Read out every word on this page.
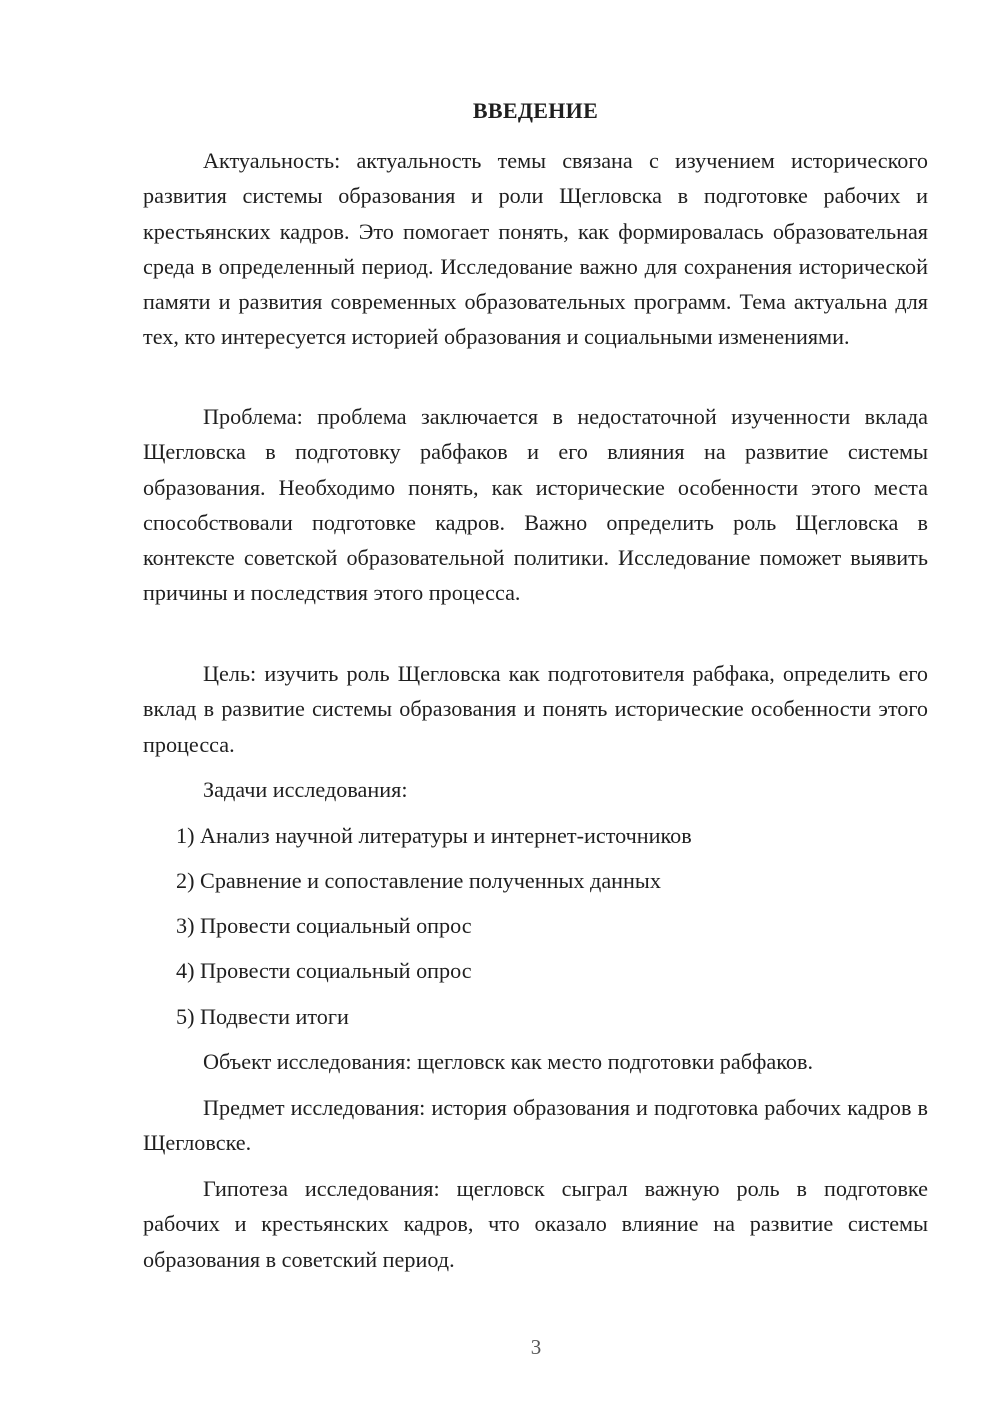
ВВЕДЕНИЕ

Актуальность: актуальность темы связана с изучением исторического развития системы образования и роли Щегловска в подготовке рабочих и крестьянских кадров. Это помогает понять, как формировалась образовательная среда в определенный период. Исследование важно для сохранения исторической памяти и развития современных образовательных программ. Тема актуальна для тех, кто интересуется историей образования и социальными изменениями.

Проблема: проблема заключается в недостаточной изученности вклада Щегловска в подготовку рабфаков и его влияния на развитие системы образования. Необходимо понять, как исторические особенности этого места способствовали подготовке кадров. Важно определить роль Щегловска в контексте советской образовательной политики. Исследование поможет выявить причины и последствия этого процесса.

Цель: изучить роль Щегловска как подготовителя рабфака, определить его вклад в развитие системы образования и понять исторические особенности этого процесса.

Задачи исследования:

1) Анализ научной литературы и интернет-источников
2) Сравнение и сопоставление полученных данных
3) Провести социальный опрос
4) Провести социальный опрос
5) Подвести итоги

Объект исследования: щегловск как место подготовки рабфаков.

Предмет исследования: история образования и подготовка рабочих кадров в Щегловске.

Гипотеза исследования: щегловск сыграл важную роль в подготовке рабочих и крестьянских кадров, что оказало влияние на развитие системы образования в советский период.

3
